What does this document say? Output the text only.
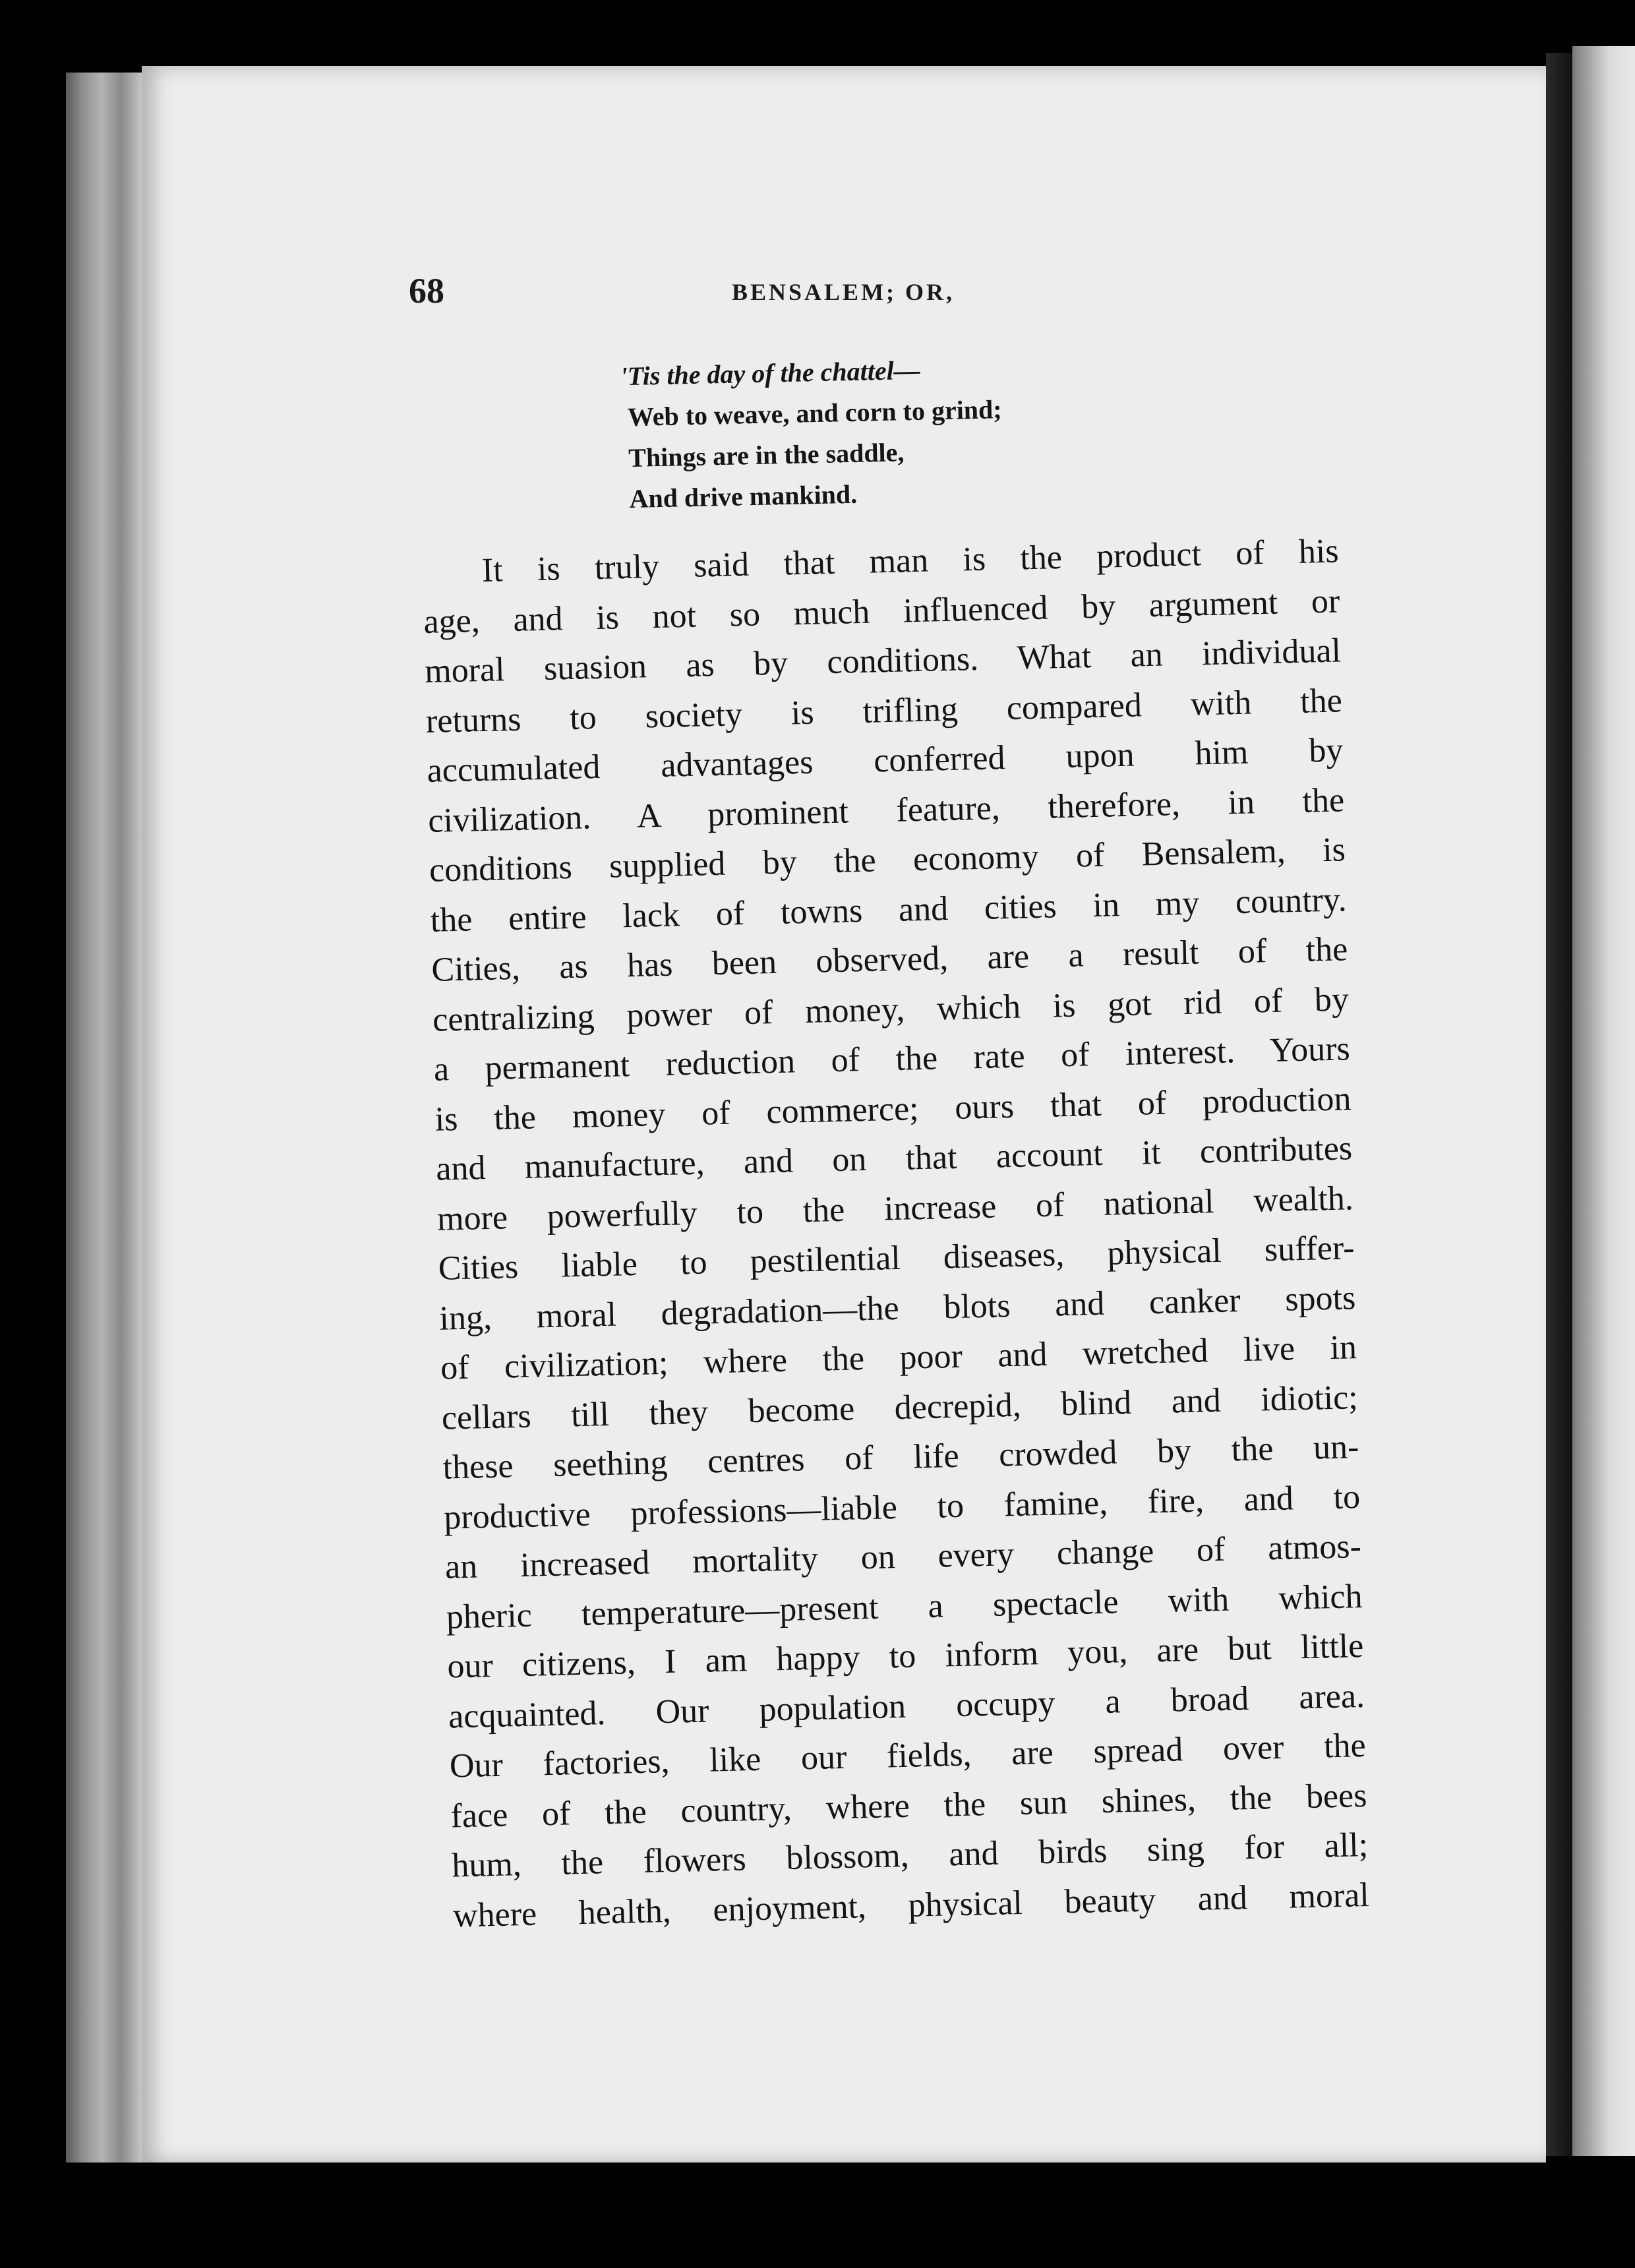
68	BENSALEM; OR,
'Tis the day of the chattel—
Web to weave, and corn to grind;
Things are in the saddle,
And drive mankind.
It is truly said that man is the product of his
age, and is not so much influenced by argument or
moral suasion as by conditions. What an individual
returns to society is trifling compared with the
accumulated advantages conferred upon him by
civilization. A prominent feature, therefore, in the
conditions supplied by the economy of Bensalem, is
the entire lack of towns and cities in my country.
Cities, as has been observed, are a result of the
centralizing power of money, which is got rid of by
a permanent reduction of the rate of interest. Yours
is the money of commerce; ours that of production
and manufacture, and on that account it contributes
more powerfully to the increase of national wealth.
Cities liable to pestilential diseases, physical suffer-
ing, moral degradation—the blots and canker spots
of civilization; where the poor and wretched live in
cellars till they become decrepid, blind and idiotic;
these seething centres of life crowded by the un-
productive professions—liable to famine, fire, and to
an increased mortality on every change of atmos-
pheric temperature—present a spectacle with which
our citizens, I am happy to inform you, are but little
acquainted. Our population occupy a broad area.
Our factories, like our fields, are spread over the
face of the country, where the sun shines, the bees
hum, the flowers blossom, and birds sing for all;
where health, enjoyment, physical beauty and moral
